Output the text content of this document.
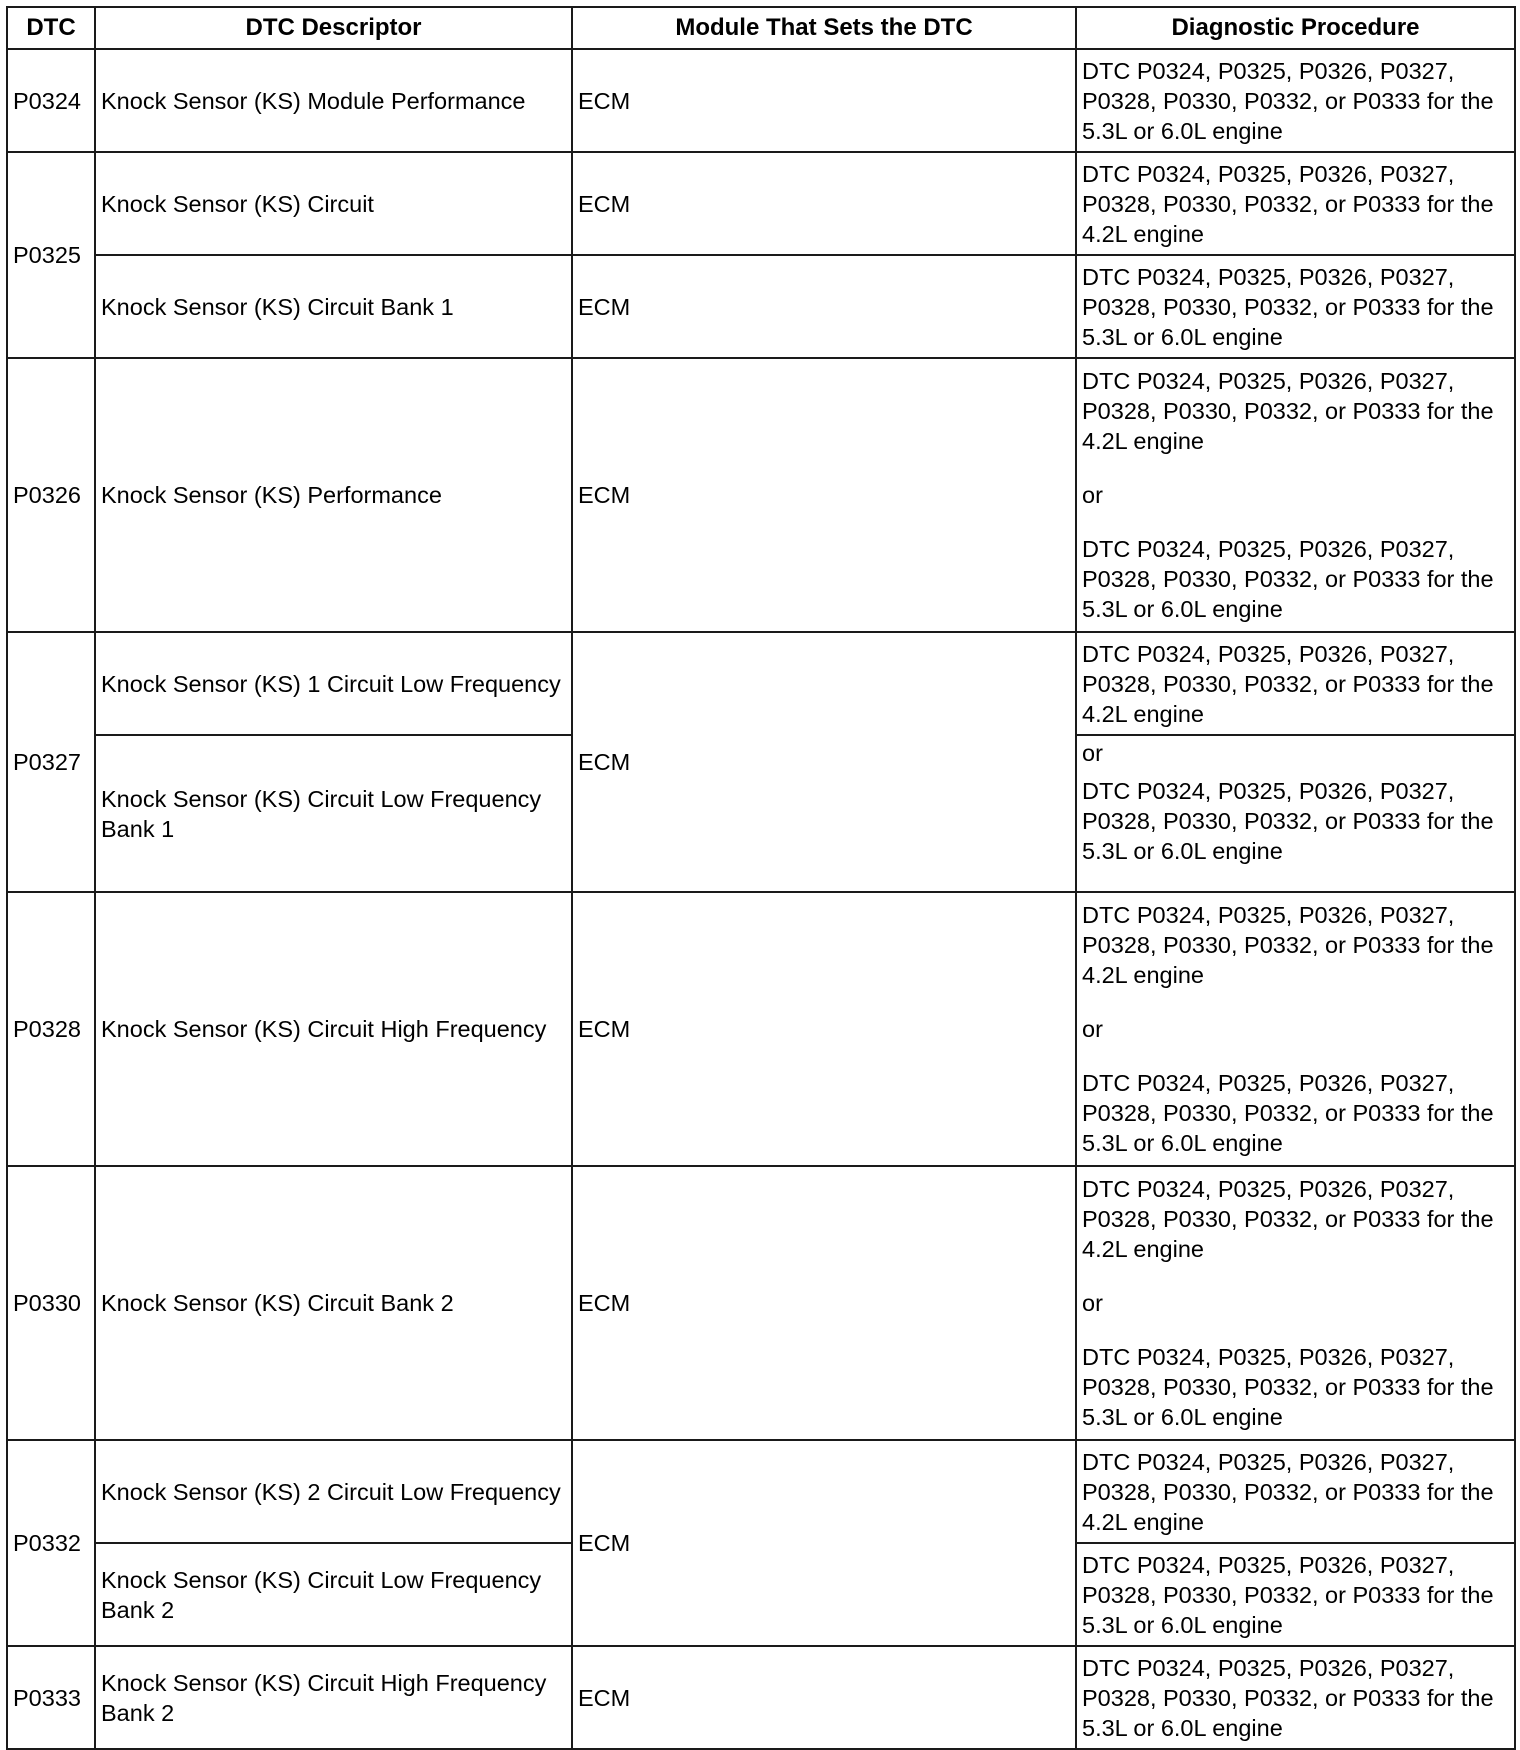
DTC	DTC Descriptor	Module That Sets the DTC	Diagnostic Procedure
P0324	Knock Sensor (KS) Module Performance	ECM	DTC P0324, P0325, P0326, P0327, P0328, P0330, P0332, or P0333 for the 5.3L or 6.0L engine
P0325	Knock Sensor (KS) Circuit	ECM	DTC P0324, P0325, P0326, P0327, P0328, P0330, P0332, or P0333 for the 4.2L engine
	Knock Sensor (KS) Circuit Bank 1	ECM	DTC P0324, P0325, P0326, P0327, P0328, P0330, P0332, or P0333 for the 5.3L or 6.0L engine
P0326	Knock Sensor (KS) Performance	ECM	DTC P0324, P0325, P0326, P0327, P0328, P0330, P0332, or P0333 for the 4.2L engine
or
DTC P0324, P0325, P0326, P0327, P0328, P0330, P0332, or P0333 for the 5.3L or 6.0L engine

P0327	Knock Sensor (KS) 1 Circuit Low Frequency	ECM	DTC P0324, P0325, P0326, P0327, P0328, P0330, P0332, or P0333 for the 4.2L engine
	Knock Sensor (KS) Circuit Low Frequency Bank 1		or
DTC P0324, P0325, P0326, P0327, P0328, P0330, P0332, or P0333 for the 5.3L or 6.0L engine

P0328	Knock Sensor (KS) Circuit High Frequency	ECM	DTC P0324, P0325, P0326, P0327, P0328, P0330, P0332, or P0333 for the 4.2L engine
or
DTC P0324, P0325, P0326, P0327, P0328, P0330, P0332, or P0333 for the 5.3L or 6.0L engine

P0330	Knock Sensor (KS) Circuit Bank 2	ECM	DTC P0324, P0325, P0326, P0327, P0328, P0330, P0332, or P0333 for the 4.2L engine
or
DTC P0324, P0325, P0326, P0327, P0328, P0330, P0332, or P0333 for the 5.3L or 6.0L engine

P0332	Knock Sensor (KS) 2 Circuit Low Frequency	ECM	DTC P0324, P0325, P0326, P0327, P0328, P0330, P0332, or P0333 for the 4.2L engine
	Knock Sensor (KS) Circuit Low Frequency Bank 2		DTC P0324, P0325, P0326, P0327, P0328, P0330, P0332, or P0333 for the 5.3L or 6.0L engine
P0333	Knock Sensor (KS) Circuit High Frequency Bank 2	ECM	DTC P0324, P0325, P0326, P0327, P0328, P0330, P0332, or P0333 for the 5.3L or 6.0L engine
